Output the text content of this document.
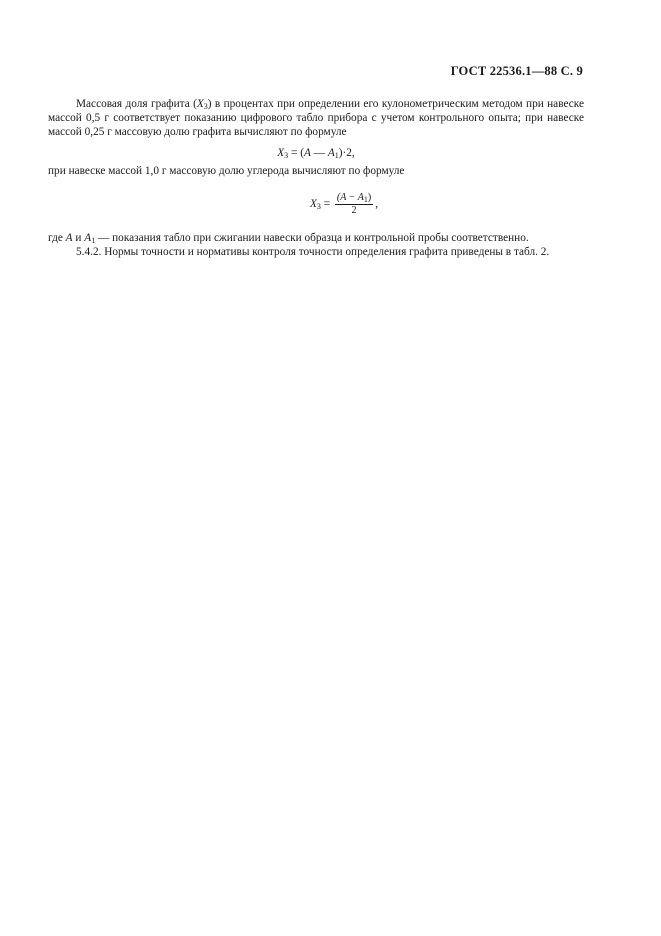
ГОСТ 22536.1—88 С. 9

Массовая доля графита $(X_3)$ в процентах при определении его кулонометрическим методом при навеске массой 0,5 г соответствует показанию цифрового табло прибора с учетом контрольного опыта; при навеске массой 0,25 г массовую долю графита вычисляют по формуле

$X_3 = (A$ — $A_1)\cdot 2$,

при навеске массой 1,0 г массовую долю углерода вычисляют по формуле

$X_3 = \frac{(A - A_1)}{2}$ ,

где A и $A_1$ — показания табло при сжигании навески образца и контрольной пробы соответственно.

5.4.2. Нормы точности и нормативы контроля точности определения графита приведены в табл. 2.
